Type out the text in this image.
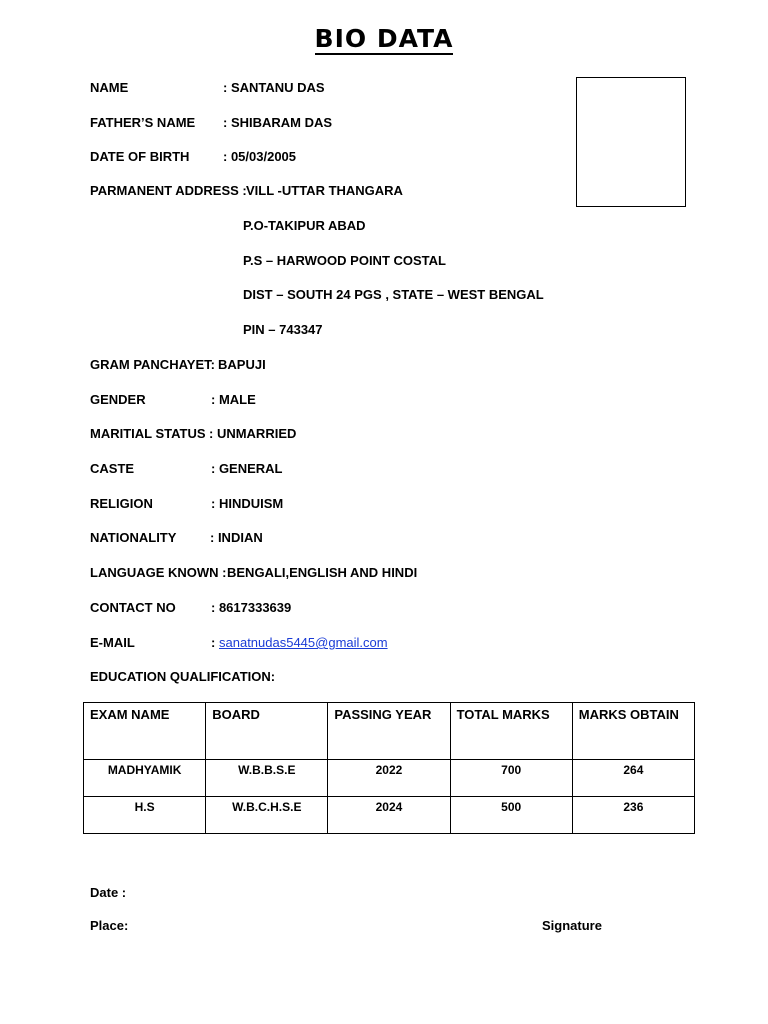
BIO DATA
NAME	: SANTANU DAS
FATHER’S NAME : SHIBARAM DAS
DATE OF BIRTH	: 05/03/2005
PARMANENT ADDRESS : VILL -UTTAR THANGARA
P.O-TAKIPUR ABAD
P.S – HARWOOD POINT COSTAL
DIST – SOUTH 24 PGS , STATE – WEST BENGAL
PIN – 743347
GRAM PANCHAYET: BAPUJI
GENDER	: MALE
MARITIAL STATUS : UNMARRIED
CASTE	: GENERAL
RELIGION	: HINDUISM
NATIONALITY	: INDIAN
LANGUAGE KNOWN : BENGALI,ENGLISH AND HINDI
CONTACT NO	: 8617333639
E-MAIL	: sanatnudas5445@gmail.com
EDUCATION QUALIFICATION:
EXAM NAME	BOARD	PASSING YEAR	TOTAL MARKS	MARKS OBTAIN
MADHYAMIK	W.B.B.S.E	2022	700	264
H.S	W.B.C.H.S.E	2024	500	236
Date :
Place:	Signature
